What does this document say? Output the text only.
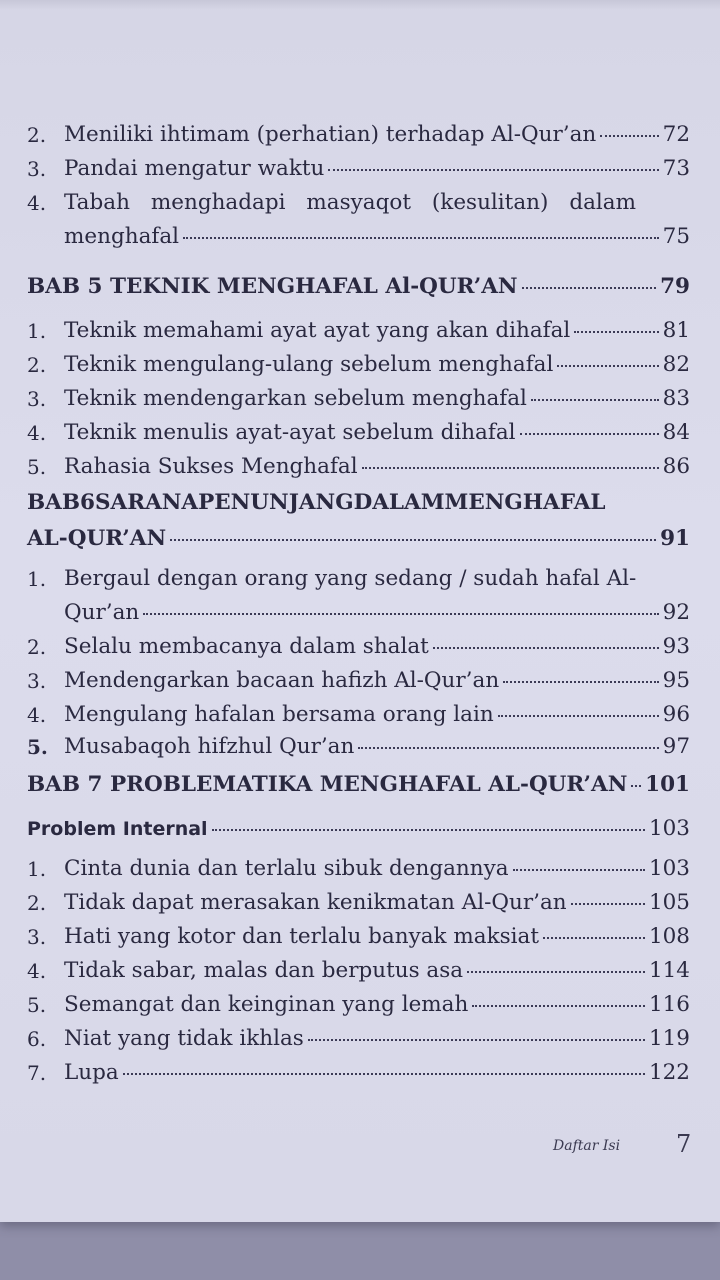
2. Meniliki ihtimam (perhatian) terhadap Al-Qur’an	72
3. Pandai mengatur waktu	73
4. Tabah menghadapi masyaqot (kesulitan) dalam
menghafal	75
BAB 5 TEKNIK MENGHAFAL Al-QUR’AN	79
1. Teknik memahami ayat ayat yang akan dihafal	81
2. Teknik mengulang-ulang sebelum menghafal	82
3. Teknik mendengarkan sebelum menghafal	83
4. Teknik menulis ayat-ayat sebelum dihafal	84
5. Rahasia Sukses Menghafal	86
BAB 6 SARANA PENUNJANG DALAM MENGHAFAL
AL-QUR’AN	91
1. Bergaul dengan orang yang sedang / sudah hafal Al-
Qur’an	92
2. Selalu membacanya dalam shalat	93
3. Mendengarkan bacaan hafizh Al-Qur’an	95
4. Mengulang hafalan bersama orang lain	96
5. Musabaqoh hifzhul Qur’an	97
BAB 7 PROBLEMATIKA MENGHAFAL AL-QUR’AN 101
Problem Internal	103
1. Cinta dunia dan terlalu sibuk dengannya	103
2. Tidak dapat merasakan kenikmatan Al-Qur’an	105
3. Hati yang kotor dan terlalu banyak maksiat	108
4. Tidak sabar, malas dan berputus asa	114
5. Semangat dan keinginan yang lemah	116
6. Niat yang tidak ikhlas	119
7. Lupa	122
Daftar Isi 7
